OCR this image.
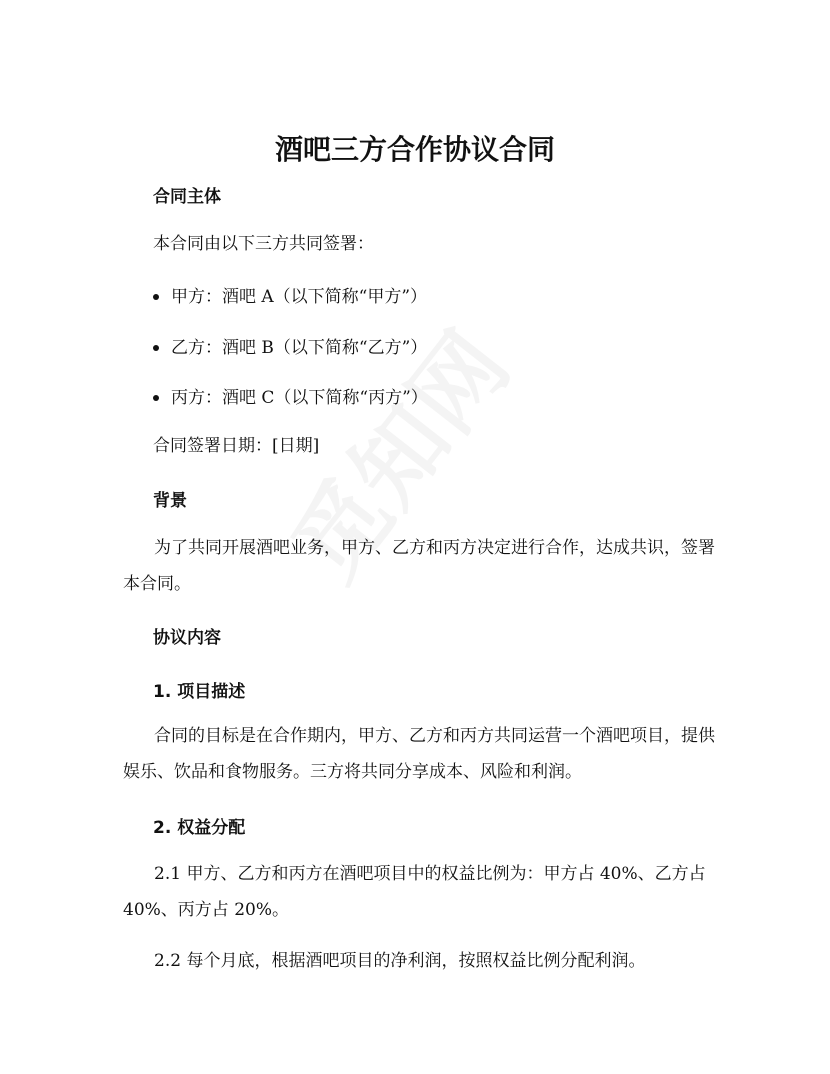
酒吧三方合作协议合同

合同主体

本合同由以下三方共同签署：

甲方：酒吧 A（以下简称“甲方”）
乙方：酒吧 B（以下简称“乙方”）
丙方：酒吧 C（以下简称“丙方”）

合同签署日期：[日期]

背景

为了共同开展酒吧业务，甲方、乙方和丙方决定进行合作，达成共识，签署本合同。

协议内容

1. 项目描述

合同的目标是在合作期内，甲方、乙方和丙方共同运营一个酒吧项目，提供娱乐、饮品和食物服务。三方将共同分享成本、风险和利润。

2. 权益分配

2.1 甲方、乙方和丙方在酒吧项目中的权益比例为：甲方占 40%、乙方占 40%、丙方占 20%。

2.2 每个月底，根据酒吧项目的净利润，按照权益比例分配利润。
